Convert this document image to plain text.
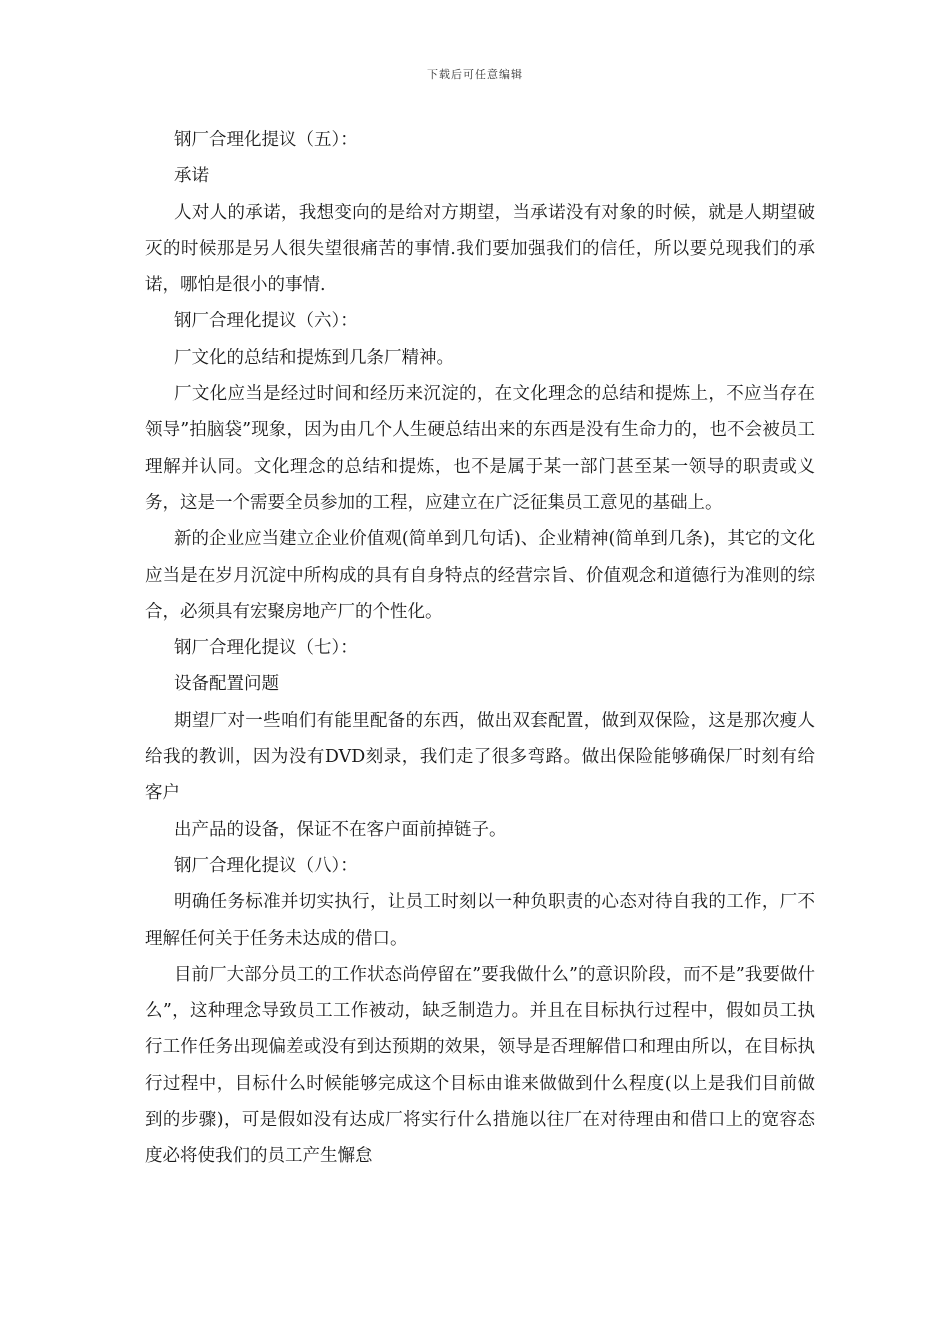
下载后可任意编辑

钢厂合理化提议（五）：

承诺

人对人的承诺，我想变向的是给对方期望，当承诺没有对象的时候，就是人期望破灭的时候那是另人很失望很痛苦的事情.我们要加强我们的信任，所以要兑现我们的承诺，哪怕是很小的事情.

钢厂合理化提议（六）：

厂文化的总结和提炼到几条厂精神。

厂文化应当是经过时间和经历来沉淀的，在文化理念的总结和提炼上，不应当存在领导”拍脑袋”现象，因为由几个人生硬总结出来的东西是没有生命力的，也不会被员工理解并认同。文化理念的总结和提炼，也不是属于某一部门甚至某一领导的职责或义务，这是一个需要全员参加的工程，应建立在广泛征集员工意见的基础上。

新的企业应当建立企业价值观(简单到几句话)、企业精神(简单到几条)，其它的文化应当是在岁月沉淀中所构成的具有自身特点的经营宗旨、价值观念和道德行为准则的综合，必须具有宏聚房地产厂的个性化。

钢厂合理化提议（七）：

设备配置问题

期望厂对一些咱们有能里配备的东西，做出双套配置，做到双保险，这是那次瘦人给我的教训，因为没有DVD刻录，我们走了很多弯路。做出保险能够确保厂时刻有给客户

出产品的设备，保证不在客户面前掉链子。

钢厂合理化提议（八）：

明确任务标准并切实执行，让员工时刻以一种负职责的心态对待自我的工作，厂不理解任何关于任务未达成的借口。

目前厂大部分员工的工作状态尚停留在”要我做什么”的意识阶段，而不是”我要做什么”，这种理念导致员工工作被动，缺乏制造力。并且在目标执行过程中，假如员工执行工作任务出现偏差或没有到达预期的效果，领导是否理解借口和理由所以，在目标执行过程中，目标什么时候能够完成这个目标由谁来做做到什么程度(以上是我们目前做到的步骤)，可是假如没有达成厂将实行什么措施以往厂在对待理由和借口上的宽容态度必将使我们的员工产生懈怠
